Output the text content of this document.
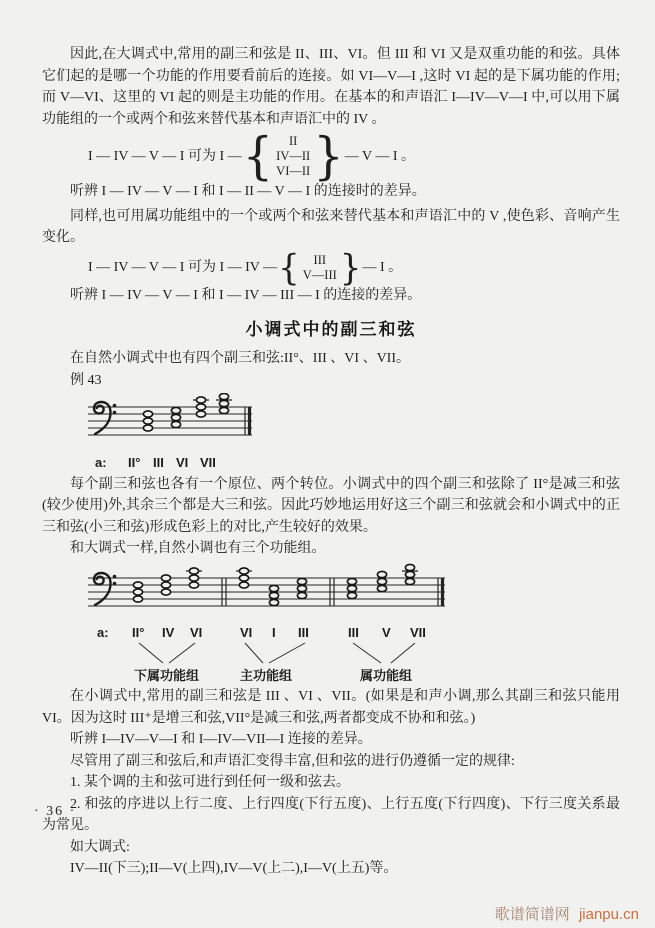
因此,在大调式中,常用的副三和弦是 II、III、VI。但 III 和 VI 又是双重功能的和弦。具体它们起的是哪一个功能的作用要看前后的连接。如 VI—V—I ,这时 VI 起的是下属功能的作用;而 V—VI、这里的 VI 起的则是主功能的作用。在基本的和声语汇 I—IV—V—I 中,可以用下属功能组的一个或两个和弦来替代基本和声语汇中的 IV 。

I — IV — V — I 可为 I — { II
IV—II
VI—II } — V — I 。

听辨 I — IV — V — I 和 I — II — V — I 的连接时的差异。

同样,也可用属功能组中的一个或两个和弦来替代基本和声语汇中的 V ,使色彩、音响产生变化。

I — IV — V — I 可为 I — IV — { III
V—III } — I 。

听辨 I — IV — V — I 和 I — IV — III — I 的连接的差异。

小调式中的副三和弦

在自然小调式中也有四个副三和弦:II°、III 、VI 、VII。

例 43

a: II° III VI VII

每个副三和弦也各有一个原位、两个转位。小调式中的四个副三和弦除了 II°是减三和弦(较少使用)外,其余三个都是大三和弦。因此巧妙地运用好这三个副三和弦就会和小调式中的正三和弦(小三和弦)形成色彩上的对比,产生较好的效果。

和大调式一样,自然小调也有三个功能组。

a: II° IV VI	VI I III	III V VII
下属功能组	主功能组	属功能组

在小调式中,常用的副三和弦是 III 、VI 、VII。(如果是和声小调,那么其副三和弦只能用 VI。因为这时 III⁺是增三和弦,VII°是减三和弦,两者都变成不协和和弦。)

听辨 I—IV—V—I 和 I—IV—VII—I 连接的差异。

尽管用了副三和弦后,和声语汇变得丰富,但和弦的进行仍遵循一定的规律:

1. 某个调的主和弦可进行到任何一级和弦去。

2. 和弦的序进以上行二度、上行四度(下行五度)、上行五度(下行四度)、下行三度关系最为常见。

如大调式:

IV—II(下三);II—V(上四),IV—V(上二),I—V(上五)等。

· 36 ·
歌谱简谱网 jianpu.cn
